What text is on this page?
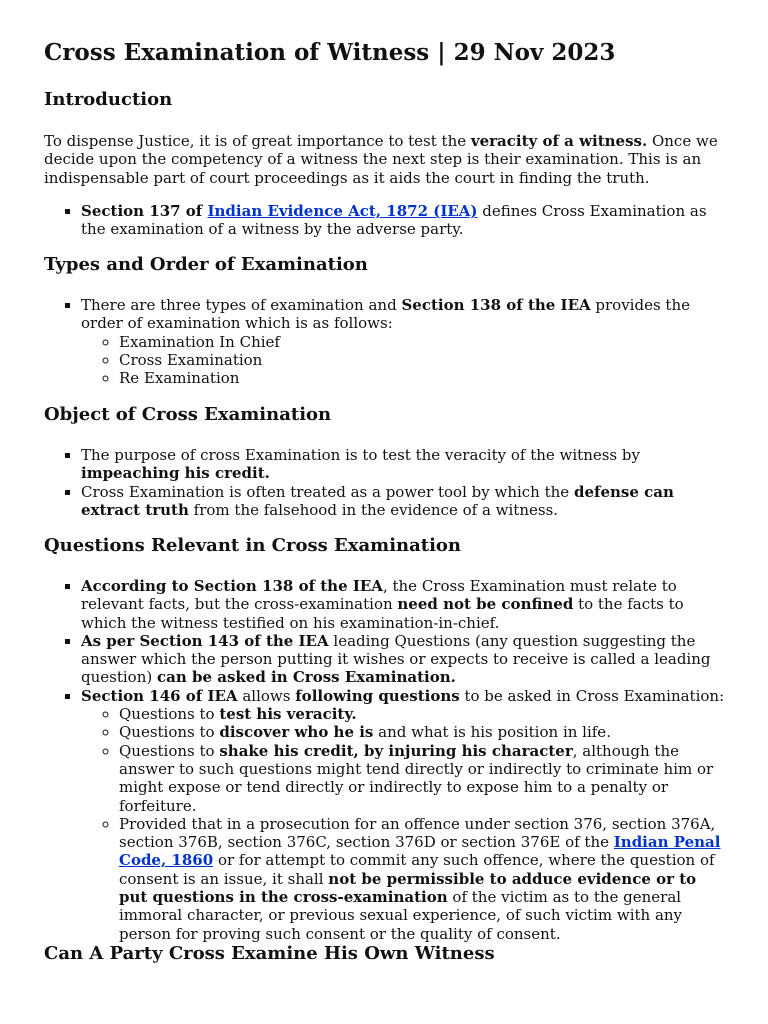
Cross Examination of Witness | 29 Nov 2023
Introduction

To dispense Justice, it is of great importance to test the veracity of a witness. Once we decide upon the competency of a witness the next step is their examination. This is an indispensable part of court proceedings as it aids the court in finding the truth.

▪ Section 137 of Indian Evidence Act, 1872 (IEA) defines Cross Examination as the examination of a witness by the adverse party.
Types and Order of Examination
▪ There are three types of examination and Section 138 of the IEA provides the order of examination which is as follows:
◦ Examination In Chief
◦ Cross Examination
◦ Re Examination
Object of Cross Examination
▪ The purpose of cross Examination is to test the veracity of the witness by impeaching his credit.
▪ Cross Examination is often treated as a power tool by which the defense can extract truth from the falsehood in the evidence of a witness.
Questions Relevant in Cross Examination
▪ According to Section 138 of the IEA, the Cross Examination must relate to relevant facts, but the cross-examination need not be confined to the facts to which the witness testified on his examination-in-chief.
▪ As per Section 143 of the IEA leading Questions (any question suggesting the answer which the person putting it wishes or expects to receive is called a leading question) can be asked in Cross Examination.
▪ Section 146 of IEA allows following questions to be asked in Cross Examination:
◦ Questions to test his veracity.
◦ Questions to discover who he is and what is his position in life.
◦ Questions to shake his credit, by injuring his character, although the answer to such questions might tend directly or indirectly to criminate him or might expose or tend directly or indirectly to expose him to a penalty or forfeiture.
◦ Provided that in a prosecution for an offence under section 376, section 376A, section 376B, section 376C, section 376D or section 376E of the Indian Penal Code, 1860 or for attempt to commit any such offence, where the question of consent is an issue, it shall not be permissible to adduce evidence or to put questions in the cross-examination of the victim as to the general immoral character, or previous sexual experience, of such victim with any person for proving such consent or the quality of consent.
Can A Party Cross Examine His Own Witness
